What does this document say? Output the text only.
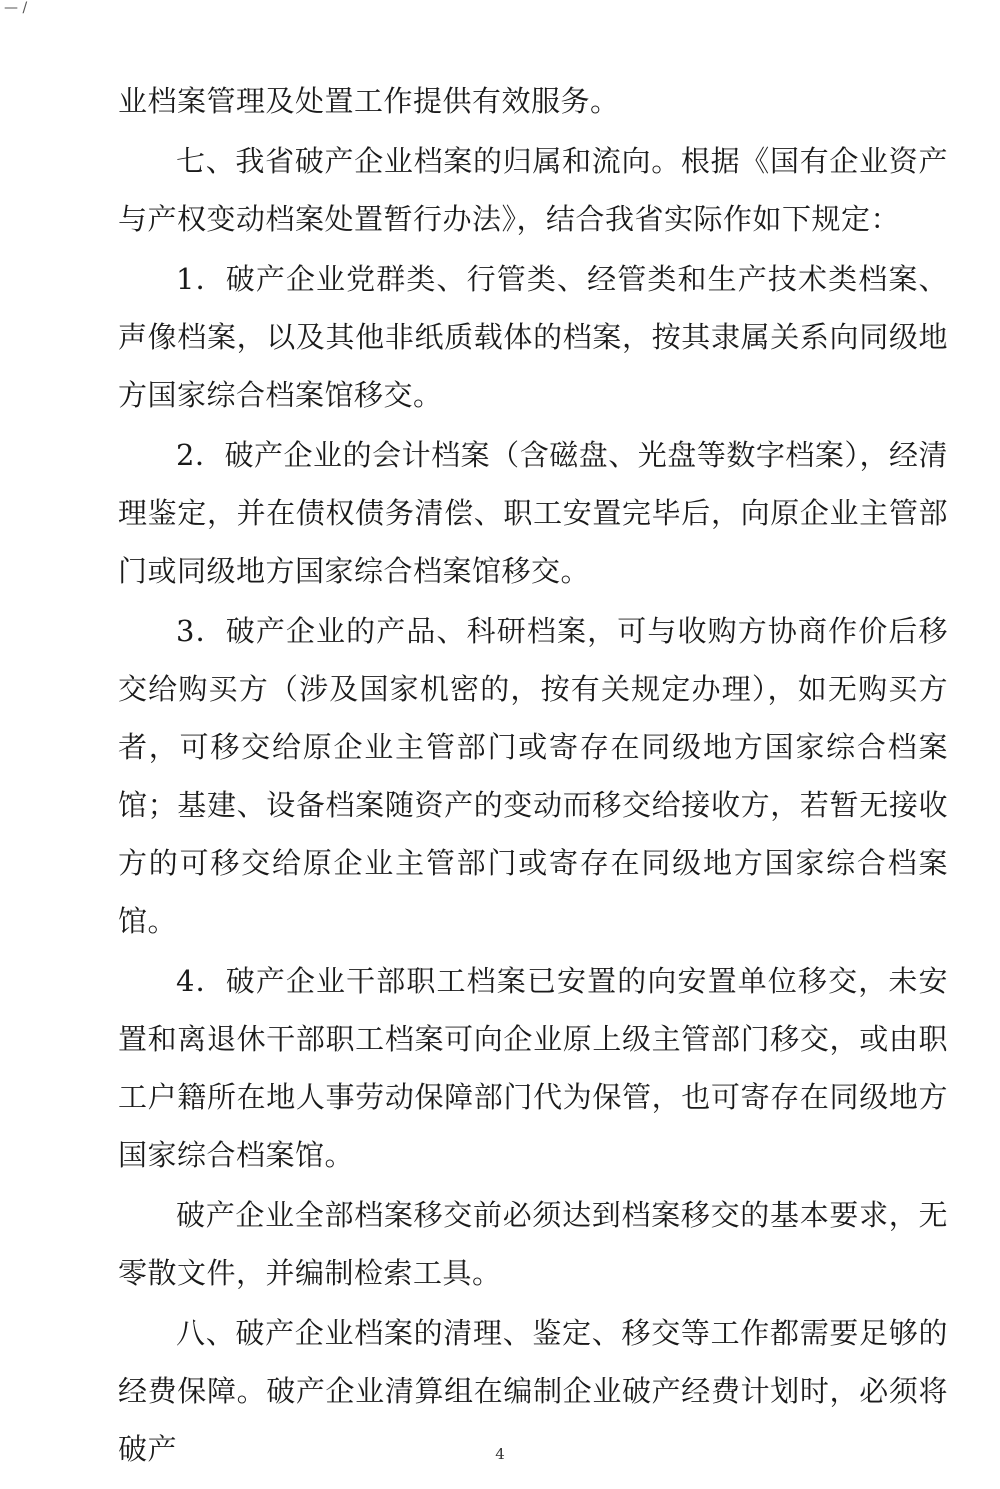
— /

业档案管理及处置工作提供有效服务。

七、我省破产企业档案的归属和流向。根据《国有企业资产与产权变动档案处置暂行办法》，结合我省实际作如下规定：

1．破产企业党群类、行管类、经管类和生产技术类档案、声像档案，以及其他非纸质载体的档案，按其隶属关系向同级地方国家综合档案馆移交。

2．破产企业的会计档案（含磁盘、光盘等数字档案），经清理鉴定，并在债权债务清偿、职工安置完毕后，向原企业主管部门或同级地方国家综合档案馆移交。

3．破产企业的产品、科研档案，可与收购方协商作价后移交给购买方（涉及国家机密的，按有关规定办理），如无购买方者，可移交给原企业主管部门或寄存在同级地方国家综合档案馆；基建、设备档案随资产的变动而移交给接收方，若暂无接收方的可移交给原企业主管部门或寄存在同级地方国家综合档案馆。

4．破产企业干部职工档案已安置的向安置单位移交，未安置和离退休干部职工档案可向企业原上级主管部门移交，或由职工户籍所在地人事劳动保障部门代为保管，也可寄存在同级地方国家综合档案馆。

破产企业全部档案移交前必须达到档案移交的基本要求，无零散文件，并编制检索工具。

八、破产企业档案的清理、鉴定、移交等工作都需要足够的经费保障。破产企业清算组在编制企业破产经费计划时，必须将破产	4
